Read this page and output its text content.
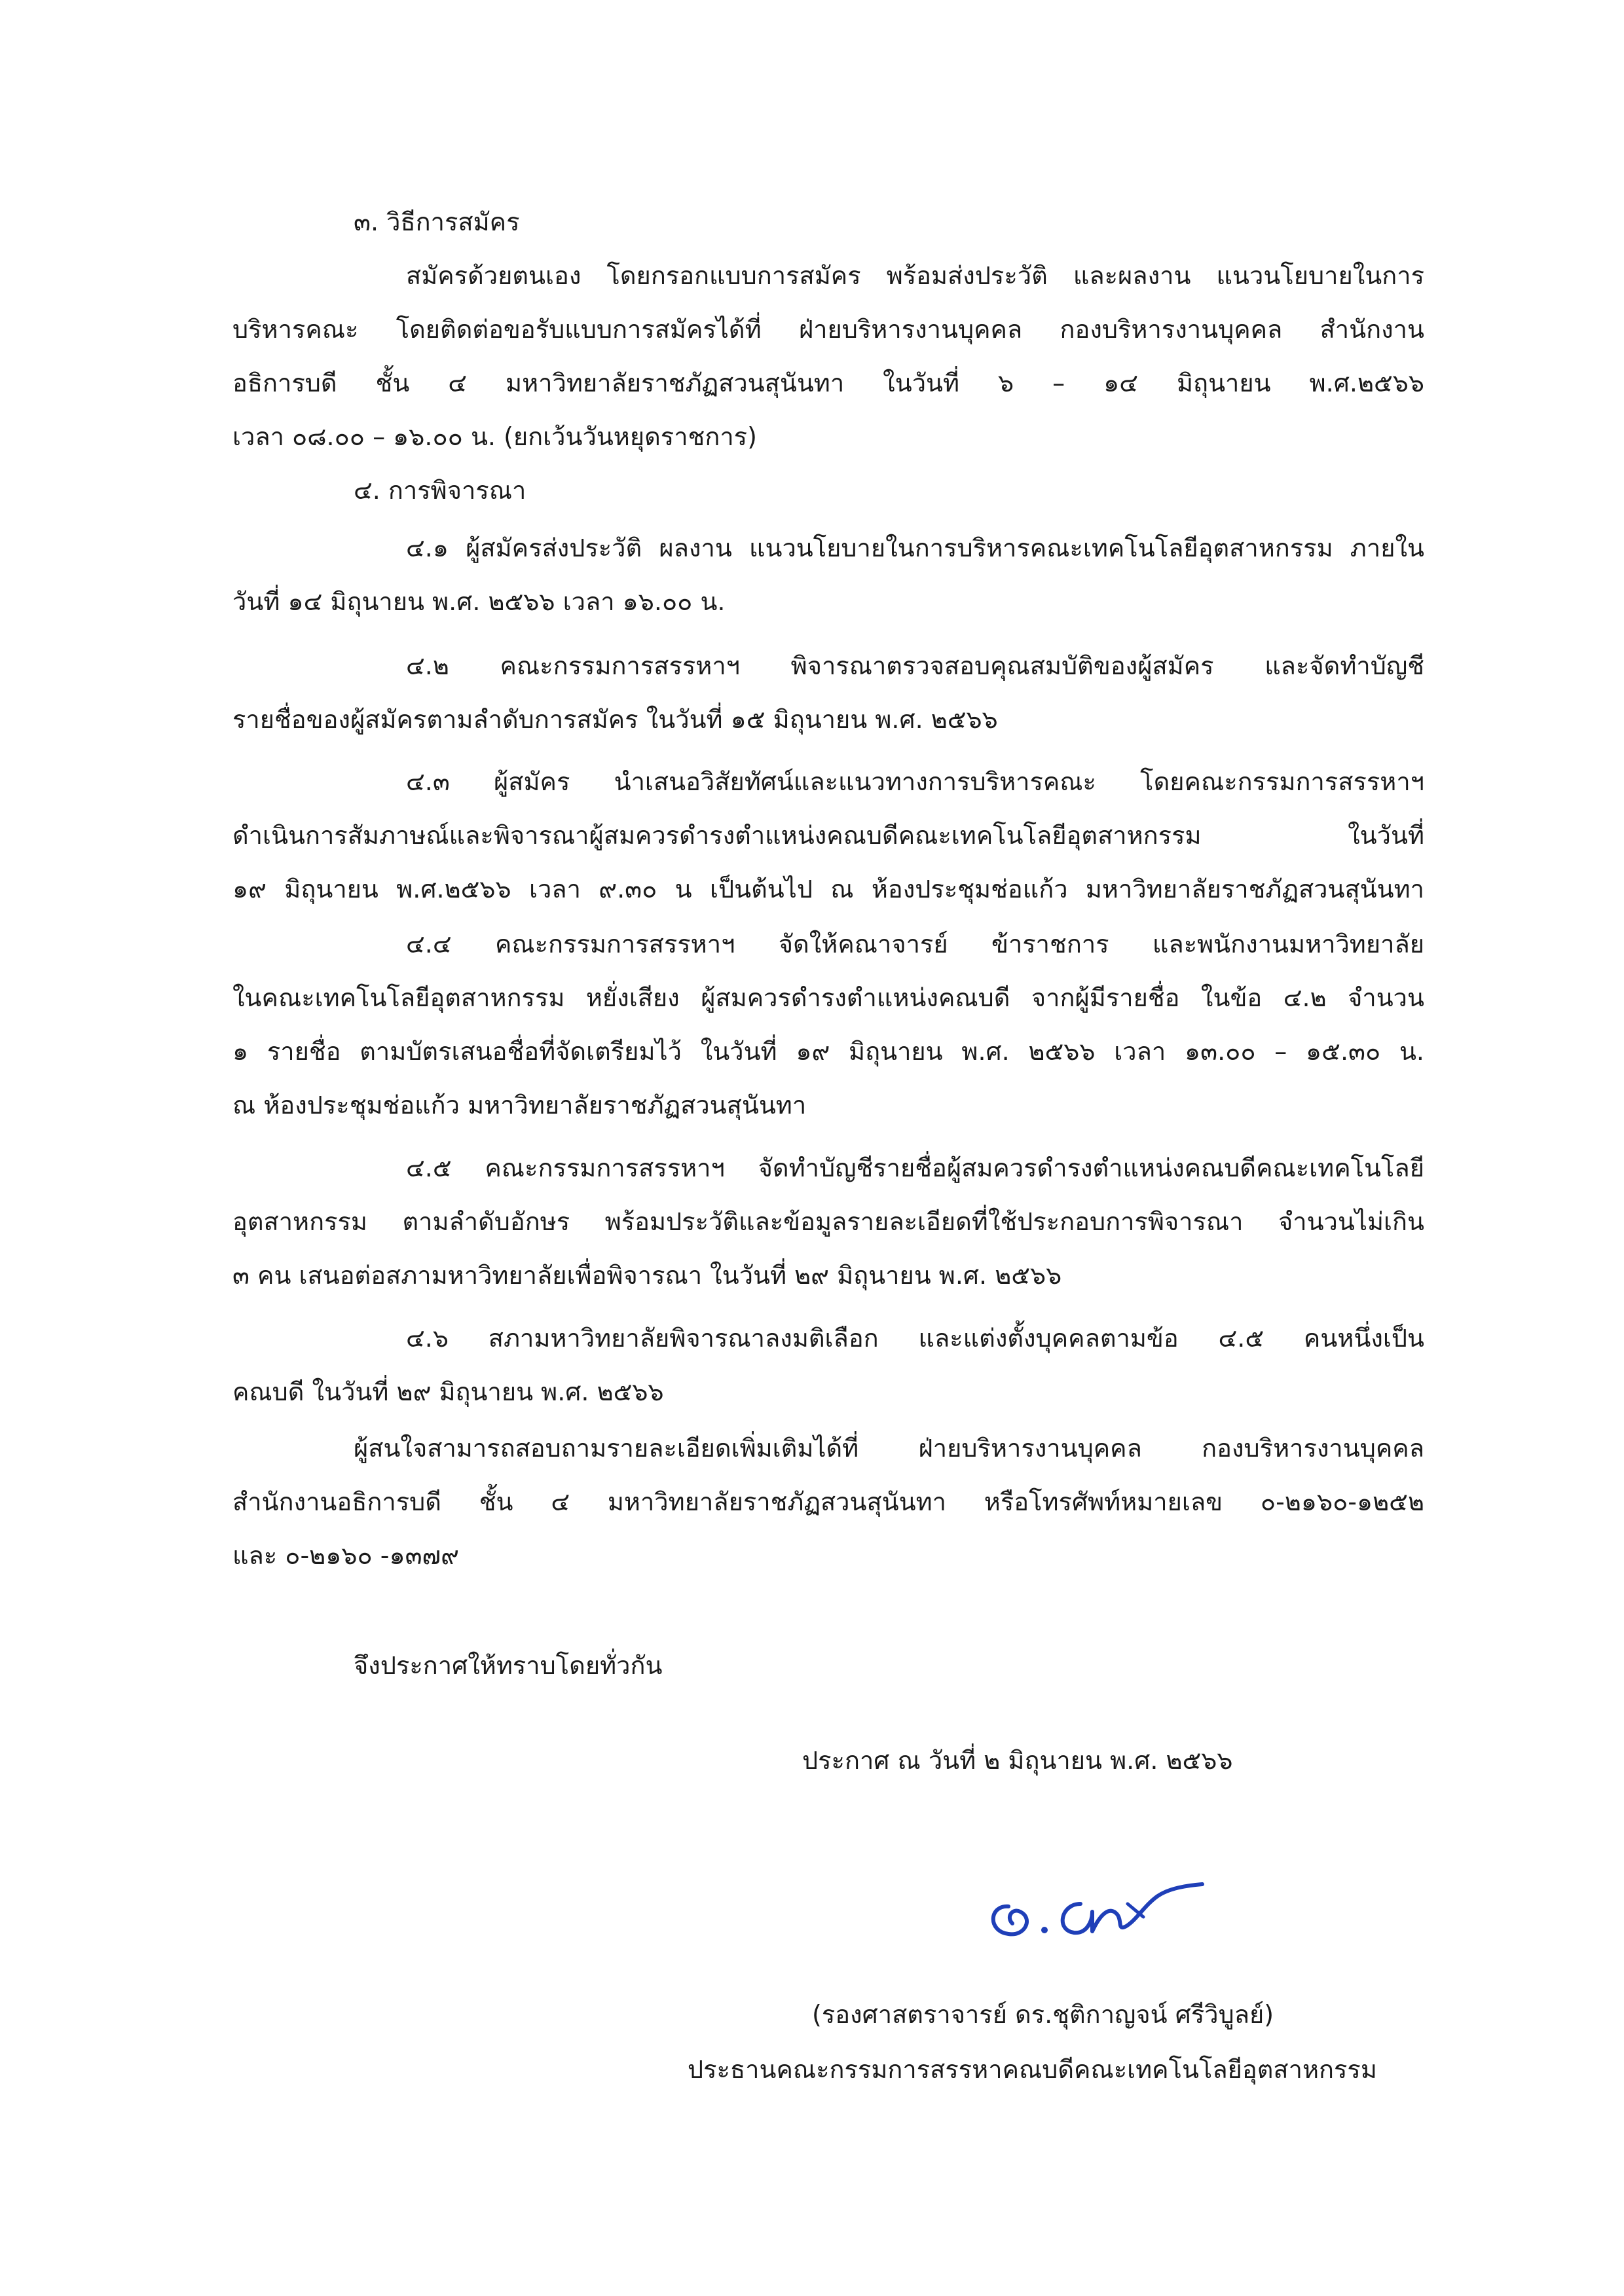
๓. วิธีการสมัคร
สมัครด้วยตนเอง โดยกรอกแบบการสมัคร พร้อมส่งประวัติ และผลงาน แนวนโยบายในการ
บริหารคณะ โดยติดต่อขอรับแบบการสมัครได้ที่ ฝ่ายบริหารงานบุคคล กองบริหารงานบุคคล สำนักงาน
อธิการบดี ชั้น ๔ มหาวิทยาลัยราชภัฏสวนสุนันทา ในวันที่ ๖ – ๑๔ มิถุนายน พ.ศ.๒๕๖๖
เวลา ๐๘.๐๐ – ๑๖.๐๐ น. (ยกเว้นวันหยุดราชการ)
๔. การพิจารณา
๔.๑ ผู้สมัครส่งประวัติ ผลงาน แนวนโยบายในการบริหารคณะเทคโนโลยีอุตสาหกรรม ภายใน
วันที่ ๑๔ มิถุนายน พ.ศ. ๒๕๖๖ เวลา ๑๖.๐๐ น.
๔.๒ คณะกรรมการสรรหาฯ พิจารณาตรวจสอบคุณสมบัติของผู้สมัคร และจัดทำบัญชี
รายชื่อของผู้สมัครตามลำดับการสมัคร ในวันที่ ๑๕ มิถุนายน พ.ศ. ๒๕๖๖
๔.๓ ผู้สมัคร นำเสนอวิสัยทัศน์และแนวทางการบริหารคณะ โดยคณะกรรมการสรรหาฯ
ดำเนินการสัมภาษณ์และพิจารณาผู้สมควรดำรงตำแหน่งคณบดีคณะเทคโนโลยีอุตสาหกรรม ในวันที่
๑๙ มิถุนายน พ.ศ.๒๕๖๖ เวลา ๙.๓๐ น เป็นต้นไป ณ ห้องประชุมช่อแก้ว มหาวิทยาลัยราชภัฏสวนสุนันทา
๔.๔ คณะกรรมการสรรหาฯ จัดให้คณาจารย์ ข้าราชการ และพนักงานมหาวิทยาลัย
ในคณะเทคโนโลยีอุตสาหกรรม หยั่งเสียง ผู้สมควรดำรงตำแหน่งคณบดี จากผู้มีรายชื่อ ในข้อ ๔.๒ จำนวน
๑ รายชื่อ ตามบัตรเสนอชื่อที่จัดเตรียมไว้ ในวันที่ ๑๙ มิถุนายน พ.ศ. ๒๕๖๖ เวลา ๑๓.๐๐ – ๑๕.๓๐ น.
ณ ห้องประชุมช่อแก้ว มหาวิทยาลัยราชภัฏสวนสุนันทา
๔.๕ คณะกรรมการสรรหาฯ จัดทำบัญชีรายชื่อผู้สมควรดำรงตำแหน่งคณบดีคณะเทคโนโลยี
อุตสาหกรรม ตามลำดับอักษร พร้อมประวัติและข้อมูลรายละเอียดที่ใช้ประกอบการพิจารณา จำนวนไม่เกิน
๓ คน เสนอต่อสภามหาวิทยาลัยเพื่อพิจารณา ในวันที่ ๒๙ มิถุนายน พ.ศ. ๒๕๖๖
๔.๖ สภามหาวิทยาลัยพิจารณาลงมติเลือก และแต่งตั้งบุคคลตามข้อ ๔.๕ คนหนึ่งเป็น
คณบดี ในวันที่ ๒๙ มิถุนายน พ.ศ. ๒๕๖๖
ผู้สนใจสามารถสอบถามรายละเอียดเพิ่มเติมได้ที่ ฝ่ายบริหารงานบุคคล กองบริหารงานบุคคล
สำนักงานอธิการบดี ชั้น ๔ มหาวิทยาลัยราชภัฏสวนสุนันทา หรือโทรศัพท์หมายเลข ๐-๒๑๖๐-๑๒๕๒
และ ๐-๒๑๖๐ -๑๓๗๙
จึงประกาศให้ทราบโดยทั่วกัน
ประกาศ ณ วันที่ ๒ มิถุนายน พ.ศ. ๒๕๖๖
(รองศาสตราจารย์ ดร.ชุติกาญจน์ ศรีวิบูลย์)
ประธานคณะกรรมการสรรหาคณบดีคณะเทคโนโลยีอุตสาหกรรม
